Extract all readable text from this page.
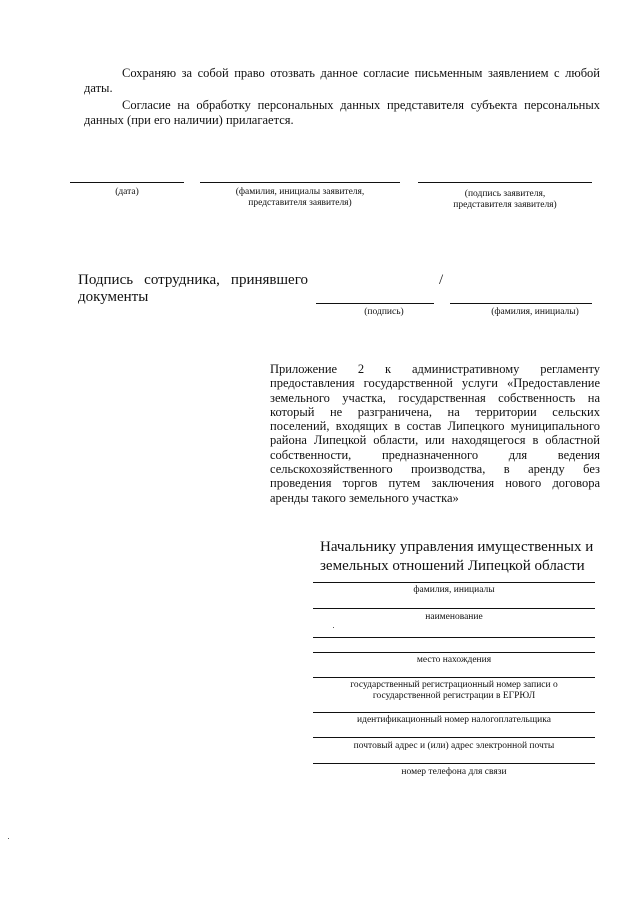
Сохраняю за собой право отозвать данное согласие письменным заявлением с любой
даты.
Согласие на обработку персональных данных представителя субъекта персональных
данных (при его наличии) прилагается.
(дата)	(фамилия, инициалы заявителя,
представителя заявителя)
(подпись заявителя,
представителя заявителя)
Подпись сотрудника, принявшего
документы
/
(подпись)	(фамилия, инициалы)
Приложение 2 к административному регламенту
предоставления государственной услуги «Предоставление
земельного участка, государственная собственность на
который не разграничена, на территории сельских
поселений, входящих в состав Липецкого муниципального
района Липецкой области, или находящегося в областной
собственности, предназначенного для ведения
сельскохозяйственного производства, в аренду без
проведения торгов путем заключения нового договора
аренды такого земельного участка»
Начальнику управления имущественных и
земельных отношений Липецкой области
фамилия, инициалы
наименование
место нахождения
государственный регистрационный номер записи о
государственной регистрации в ЕГРЮЛ
идентификационный номер налогоплательщика
почтовый адрес и (или) адрес электронной почты
номер телефона для связи
